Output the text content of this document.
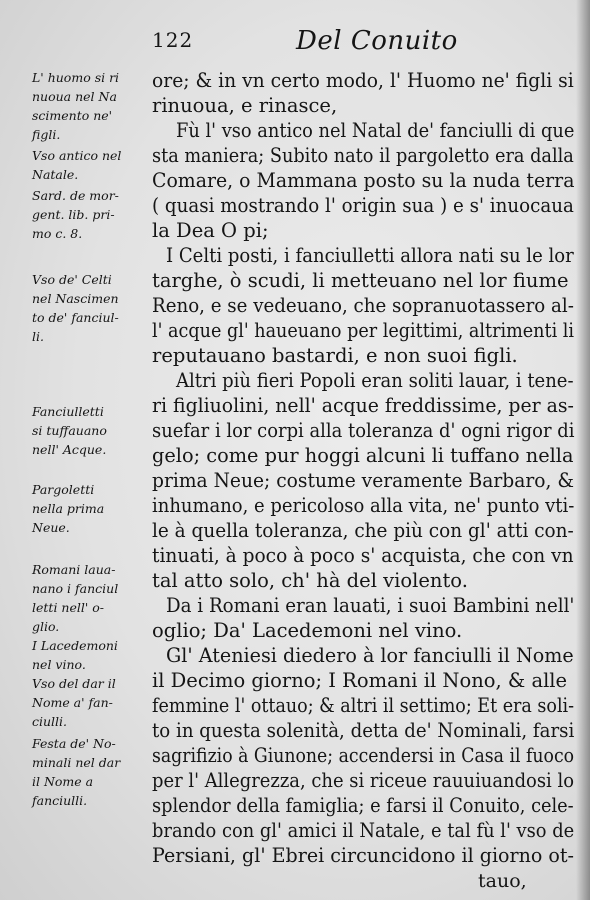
122	Del Conuito
L' huomo si ri
nuoua nel Na
scimento ne'
figli.
Vso antico nel
Natale.
Sard. de mor-
gent. lib. pri-
mo c. 8.
Vso de' Celti
nel Nascimen
to de' fanciul-
li.
Fanciulletti
si tuffauano
nell' Acque.
Pargoletti
nella prima
Neue.
Romani laua-
nano i fanciul
letti nell' o-
glio.
I Lacedemoni
nel vino.
Vso del dar il
Nome a' fan-
ciulli.
Festa de' No-
minali nel dar
il Nome a
fanciulli.
ore; & in vn certo modo, l' Huomo ne' figli si
rinuoua, e rinasce,
Fù l' vso antico nel Natal de' fanciulli di que
sta maniera; Subito nato il pargoletto era dalla
Comare, o Mammana posto su la nuda terra
( quasi mostrando l' origin sua ) e s' inuocaua
la Dea O pi;
I Celti posti, i fanciulletti allora nati su le lor
targhe, ò scudi, li metteuano nel lor fiume
Reno, e se vedeuano, che sopranuotassero al-
l' acque gl' haueuano per legittimi, altrimenti li
reputauano bastardi, e non suoi figli.
Altri più fieri Popoli eran soliti lauar, i tene-
ri figliuolini, nell' acque freddissime, per as-
suefar i lor corpi alla toleranza d' ogni rigor di
gelo; come pur hoggi alcuni li tuffano nella
prima Neue; costume veramente Barbaro, &
inhumano, e pericoloso alla vita, ne' punto vti-
le à quella toleranza, che più con gl' atti con-
tinuati, à poco à poco s' acquista, che con vn
tal atto solo, ch' hà del violento.
Da i Romani eran lauati, i suoi Bambini nell'
oglio; Da' Lacedemoni nel vino.
Gl' Ateniesi diedero à lor fanciulli il Nome
il Decimo giorno; I Romani il Nono, & alle
femmine l' ottauo; & altri il settimo; Et era soli-
to in questa solenità, detta de' Nominali, farsi
sagrifizio à Giunone; accendersi in Casa il fuoco
per l' Allegrezza, che si riceue rauuiuandosi lo
splendor della famiglia; e farsi il Conuito, cele-
brando con gl' amici il Natale, e tal fù l' vso de
Persiani, gl' Ebrei circuncidono il giorno ot-
tauo,
